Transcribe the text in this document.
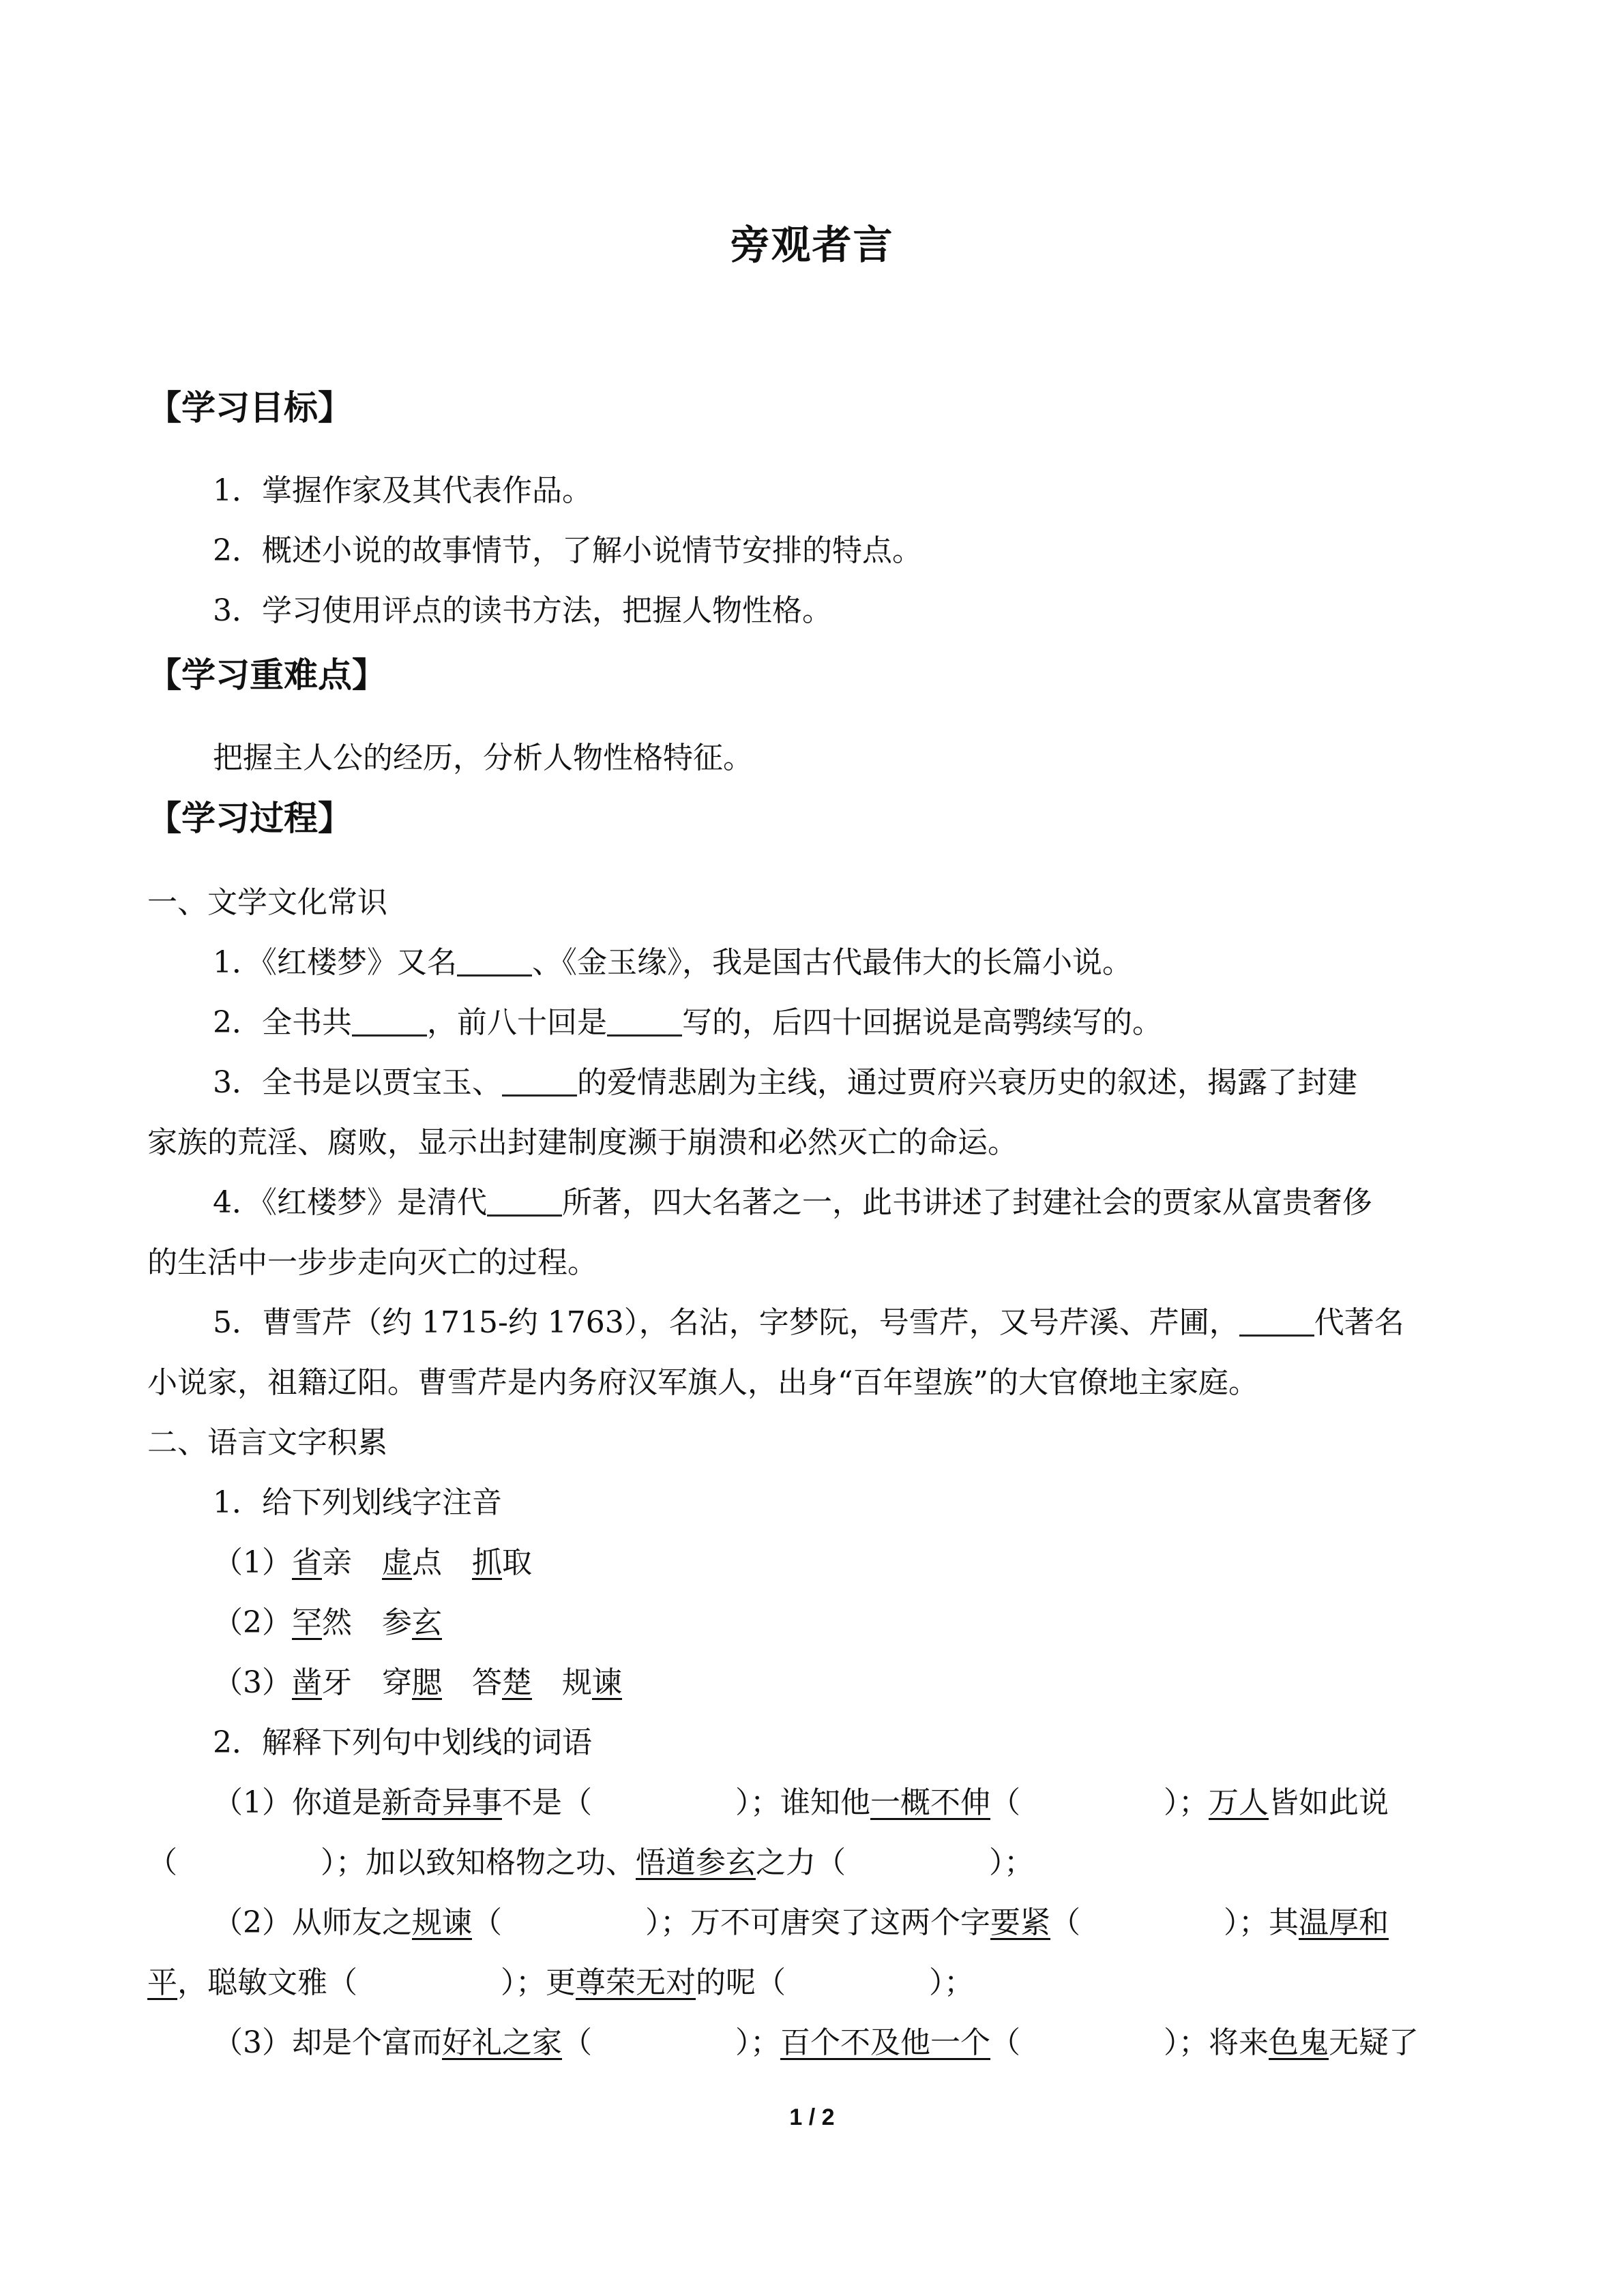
旁观者言
【学习目标】
1．掌握作家及其代表作品。
2．概述小说的故事情节，了解小说情节安排的特点。
3．学习使用评点的读书方法，把握人物性格。
【学习重难点】
把握主人公的经历，分析人物性格特征。
【学习过程】
一、文学文化常识
1．《红楼梦》又名	、《金玉缘》，我是国古代最伟大的长篇小说。
2．全书共	，前八十回是	写的，后四十回据说是高鹗续写的。
3．全书是以贾宝玉、	的爱情悲剧为主线，通过贾府兴衰历史的叙述，揭露了封建
家族的荒淫、腐败，显示出封建制度濒于崩溃和必然灭亡的命运。
4．《红楼梦》是清代	所著，四大名著之一，此书讲述了封建社会的贾家从富贵奢侈
的生活中一步步走向灭亡的过程。
5．曹雪芹（约 1715-约 1763），名沾，字梦阮，号雪芹，又号芹溪、芹圃，	代著名
小说家，祖籍辽阳。曹雪芹是内务府汉军旗人，出身“百年望族”的大官僚地主家庭。
二、语言文字积累
1．给下列划线字注音
（1）省亲  虚点  抓取
（2）罕然  参玄
（3）凿牙  穿腮  答楚  规谏
2．解释下列句中划线的词语
（1）你道是新奇异事不是（	）；谁知他一概不伸（	）；万人皆如此说
（	）；加以致知格物之功、悟道参玄之力（	）；
（2）从师友之规谏（	）；万不可唐突了这两个字要紧（	）；其温厚和
平，聪敏文雅（	）；更尊荣无对的呢（	）；
（3）却是个富而好礼之家（	）；百个不及他一个（	）；将来色鬼无疑了
1 / 2
